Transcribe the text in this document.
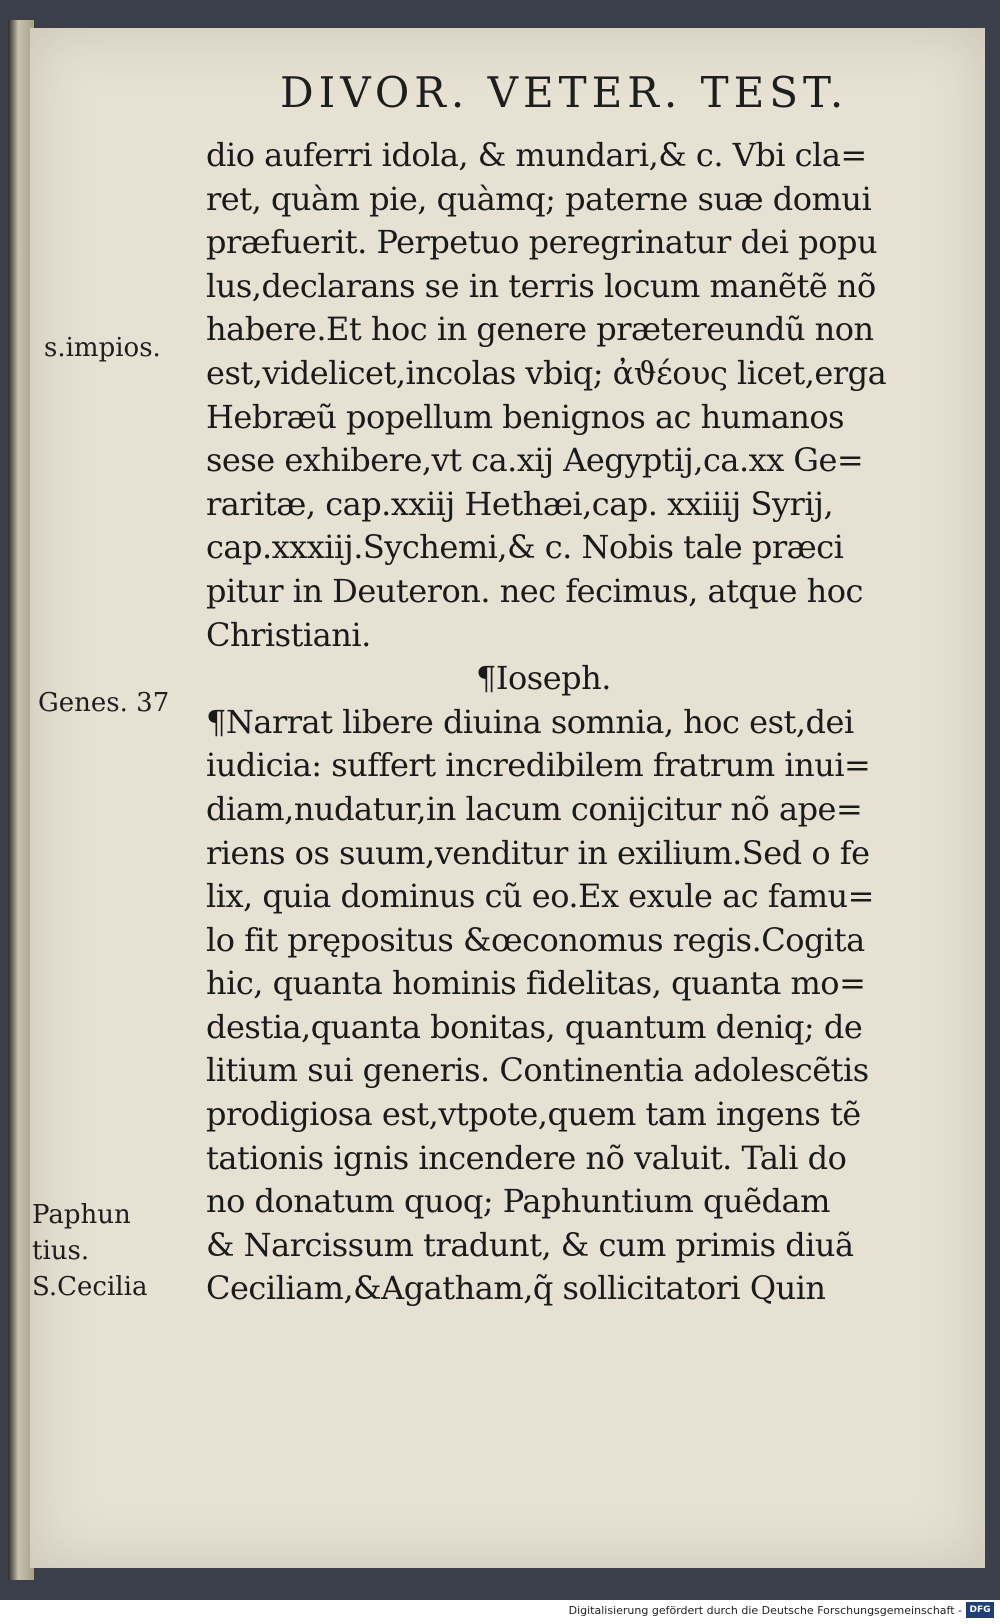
DIVOR. VETER. TEST.
s.impios.
Genes. 37
Paphun
tius.
S.Cecilia
dio auferri idola, & mundari,& c. Vbi cla=
ret, quàm pie, quàmq; paterne suæ domui
præfuerit. Perpetuo peregrinatur dei popu
lus,declarans se in terris locum manẽtẽ nõ
habere.Et hoc in genere prætereundũ non
est,videlicet,incolas vbiq; ἀϑέους licet,erga
Hebræũ popellum benignos ac humanos
sese exhibere,vt ca.xij Aegyptij,ca.xx Ge=
raritæ, cap.xxiij Hethæi,cap. xxiiij Syrij,
cap.xxxiij.Sychemi,& c. Nobis tale præci
pitur in Deuteron. nec fecimus, atque hoc
Christiani.
¶Ioseph.
¶Narrat libere diuina somnia, hoc est,dei
iudicia: suffert incredibilem fratrum inui=
diam,nudatur,in lacum conijcitur nõ ape=
riens os suum,venditur in exilium.Sed o fe
lix, quia dominus cũ eo.Ex exule ac famu=
lo fit prępositus &œconomus regis.Cogita
hic, quanta hominis fidelitas, quanta mo=
destia,quanta bonitas, quantum deniq; de
litium sui generis. Continentia adolescẽtis
prodigiosa est,vtpote,quem tam ingens tẽ
tationis ignis incendere nõ valuit. Tali do
no donatum quoq; Paphuntium quẽdam
& Narcissum tradunt, & cum primis diuã
Ceciliam,&Agatham,q̃ sollicitatori Quin
Digitalisierung gefördert durch die Deutsche Forschungsgemeinschaft - DFG
